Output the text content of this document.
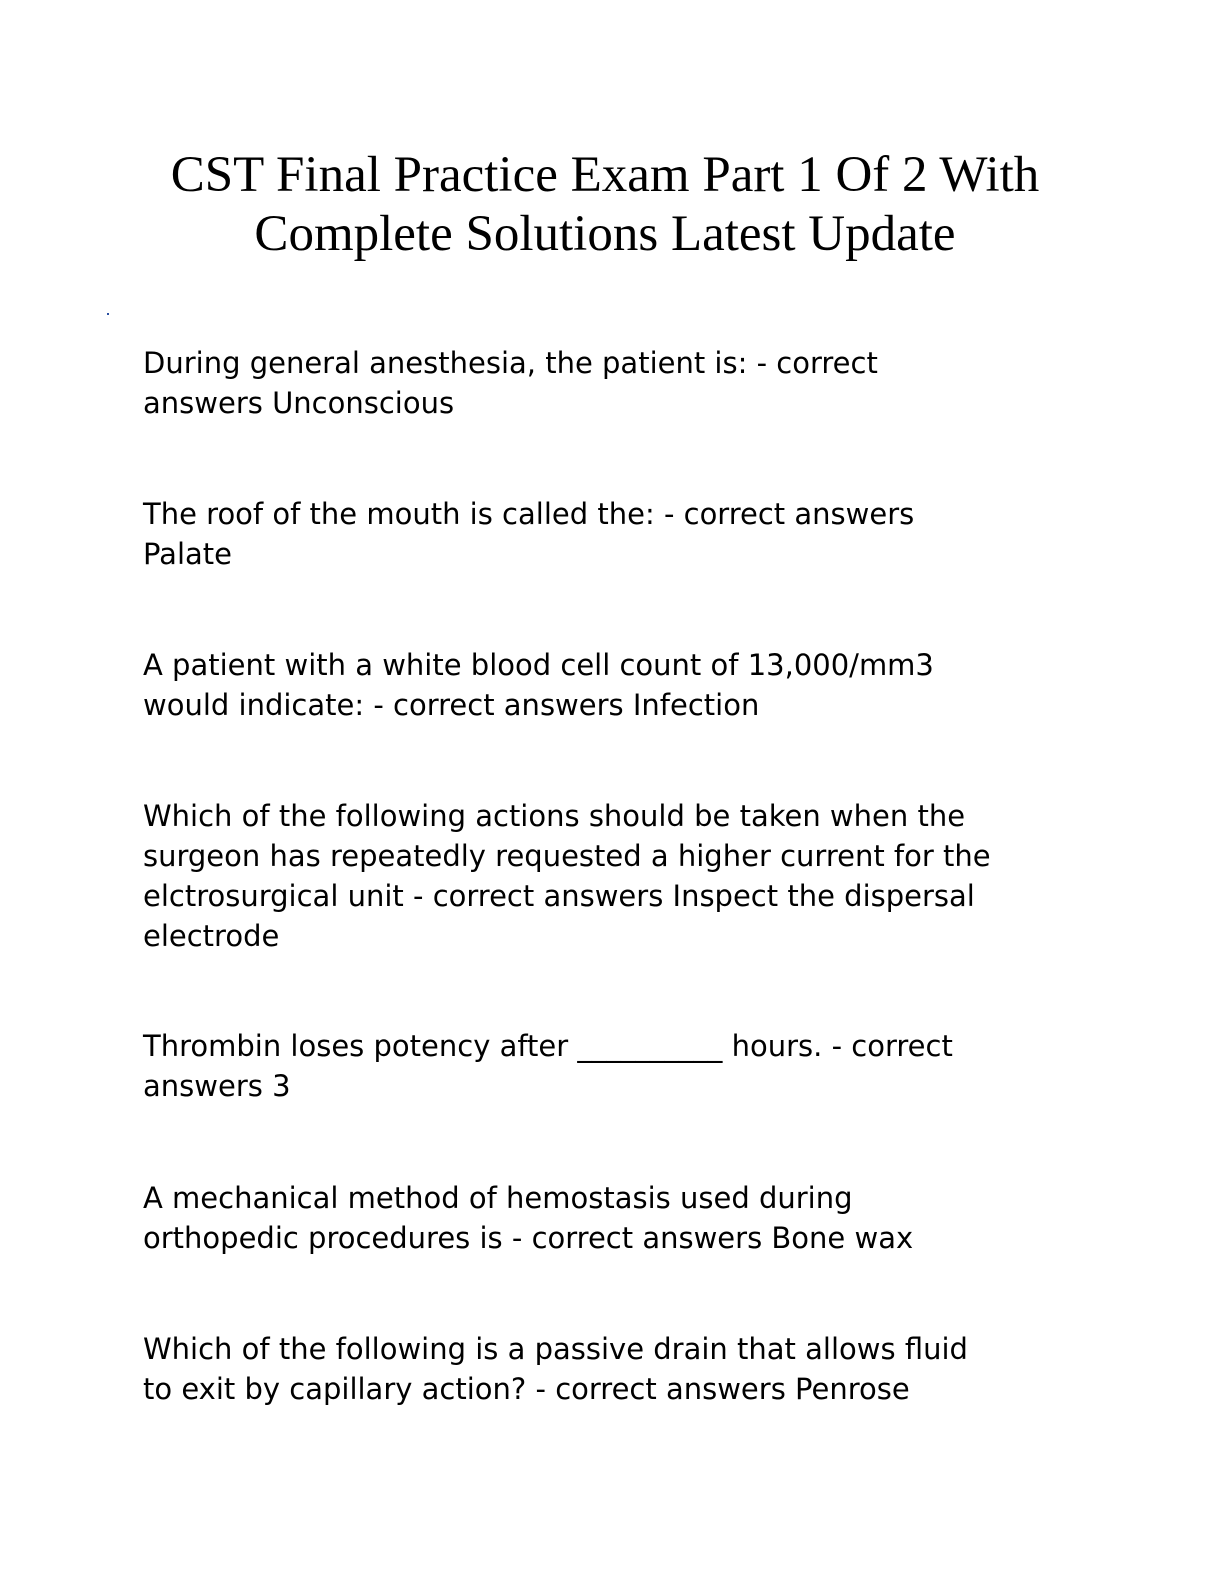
CST Final Practice Exam Part 1 Of 2 With Complete Solutions Latest Update

During general anesthesia, the patient is: - correct
answers Unconscious

The roof of the mouth is called the: - correct answers
Palate

A patient with a white blood cell count of 13,000/mm3
would indicate: - correct answers Infection

Which of the following actions should be taken when the
surgeon has repeatedly requested a higher current for the
elctrosurgical unit - correct answers Inspect the dispersal
electrode

Thrombin loses potency after __________ hours. - correct
answers 3

A mechanical method of hemostasis used during
orthopedic procedures is - correct answers Bone wax

Which of the following is a passive drain that allows fluid
to exit by capillary action? - correct answers Penrose
